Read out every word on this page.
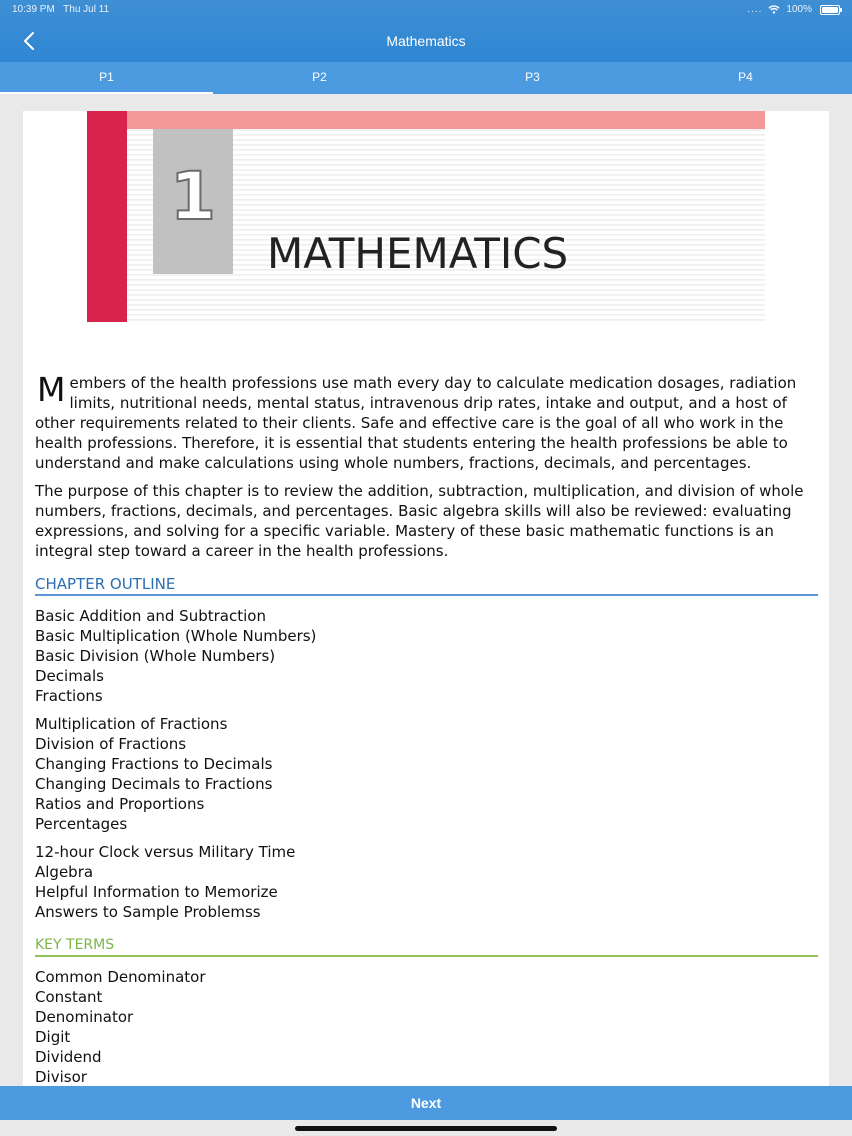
10:39 PM Thu Jul 11	.... 100%
Mathematics
P1	P2	P3	P4
1
MATHEMATICS

Members of the health professions use math every day to calculate medication dosages, radiation limits, nutritional needs, mental status, intravenous drip rates, intake and output, and a host of other requirements related to their clients. Safe and effective care is the goal of all who work in the health professions. Therefore, it is essential that students entering the health professions be able to understand and make calculations using whole numbers, fractions, decimals, and percentages.

The purpose of this chapter is to review the addition, subtraction, multiplication, and division of whole numbers, fractions, decimals, and percentages. Basic algebra skills will also be reviewed: evaluating expressions, and solving for a specific variable. Mastery of these basic mathematic functions is an integral step toward a career in the health professions.

CHAPTER OUTLINE
Basic Addition and Subtraction
Basic Multiplication (Whole Numbers)
Basic Division (Whole Numbers)
Decimals
Fractions
Multiplication of Fractions
Division of Fractions
Changing Fractions to Decimals
Changing Decimals to Fractions
Ratios and Proportions
Percentages
12-hour Clock versus Military Time
Algebra
Helpful Information to Memorize
Answers to Sample Problemss
KEY TERMS
Common Denominator
Constant
Denominator
Digit
Dividend
Divisor
Next
